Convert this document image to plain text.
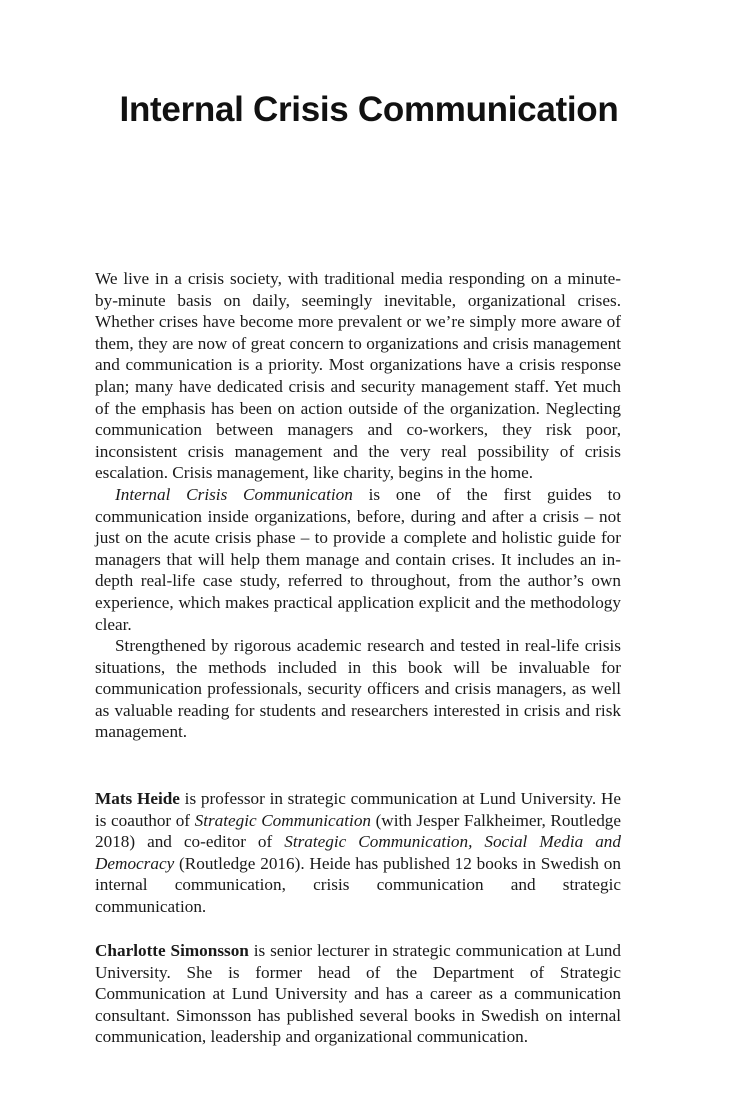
Internal Crisis Communication

We live in a crisis society, with traditional media responding on a minute-by-minute basis on daily, seemingly inevitable, organizational crises. Whether crises have become more prevalent or we’re simply more aware of them, they are now of great concern to organizations and crisis management and communication is a priority. Most organizations have a crisis response plan; many have dedicated crisis and security management staff. Yet much of the emphasis has been on action outside of the organization. Neglecting communication between managers and co-workers, they risk poor, inconsistent crisis management and the very real possibility of crisis escalation. Crisis management, like charity, begins in the home.

Internal Crisis Communication is one of the first guides to communication inside organizations, before, during and after a crisis – not just on the acute crisis phase – to provide a complete and holistic guide for managers that will help them manage and contain crises. It includes an in-depth real-life case study, referred to throughout, from the author’s own experience, which makes practical application explicit and the methodology clear.

Strengthened by rigorous academic research and tested in real-life crisis situations, the methods included in this book will be invaluable for communication professionals, security officers and crisis managers, as well as valuable reading for students and researchers interested in crisis and risk management.

Mats Heide is professor in strategic communication at Lund University. He is coauthor of Strategic Communication (with Jesper Falkheimer, Routledge 2018) and co-editor of Strategic Communication, Social Media and Democracy (Routledge 2016). Heide has published 12 books in Swedish on internal communication, crisis communication and strategic communication.

Charlotte Simonsson is senior lecturer in strategic communication at Lund University. She is former head of the Department of Strategic Communication at Lund University and has a career as a communication consultant. Simonsson has published several books in Swedish on internal communication, leadership and organizational communication.
